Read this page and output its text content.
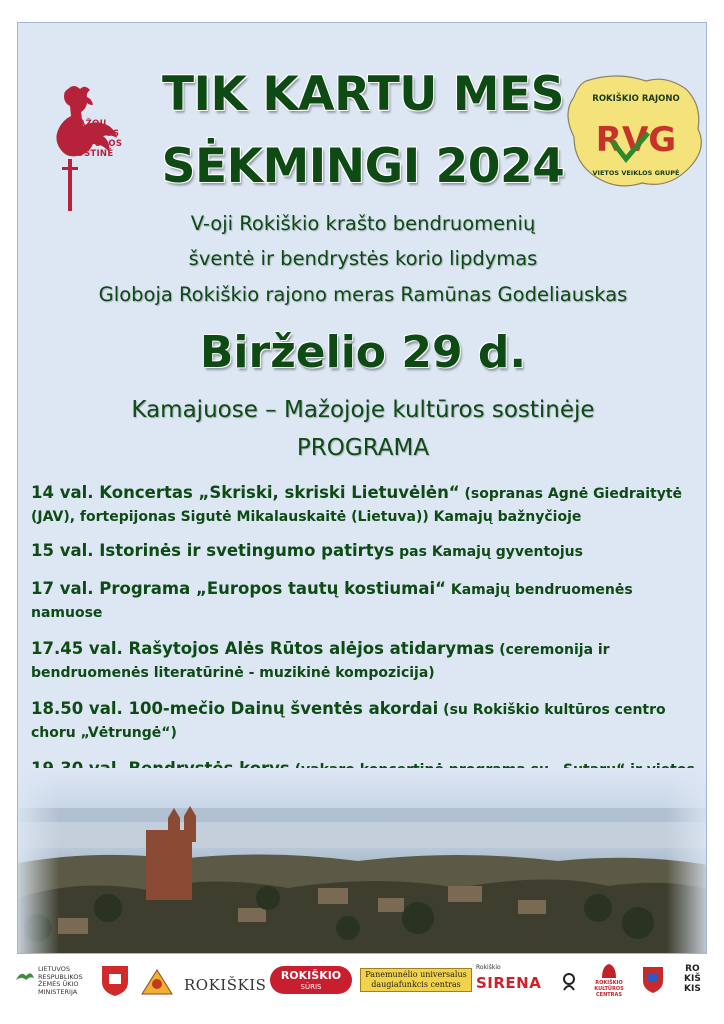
MAŽOJI
LIETUVOS
KULTŪROS
SOSTINĖ
ROKIŠKIO RAJONO
RVG
VIETOS VEIKLOS GRUPĖ
TIK KARTU MES
SĖKMINGI 2024
V-oji Rokiškio krašto bendruomenių
šventė ir bendrystės korio lipdymas
Globoja Rokiškio rajono meras Ramūnas Godeliauskas
Birželio 29 d.
Kamajuose – Mažojoje kultūros sostinėje
PROGRAMA
14 val. Koncertas „Skriski, skriski Lietuvėlėn“ (sopranas Agnė Giedraitytė (JAV), fortepijonas Sigutė Mikalauskaitė (Lietuva)) Kamajų bažnyčioje
15 val. Istorinės ir svetingumo patirtys pas Kamajų gyventojus
17 val. Programa „Europos tautų kostiumai“ Kamajų bendruomenės namuose
17.45 val. Rašytojos Alės Rūtos alėjos atidarymas (ceremonija ir bendruomenės literatūrinė - muzikinė kompozicija)
18.50 val. 100-mečio Dainų šventės akordai (su Rokiškio kultūros centro choru „Vėtrungė“)
LIETUVOS
RESPUBLIKOS
ŽEMĖS ŪKIO
MINISTERIJA	ROKIŠKIS
ROKIŠKIO
SŪRIS
Panemunėlio universalus
daugiafunkcis centras
Rokiškio
SIRENA	ROKIŠKIO
KULTŪROS
CENTRAS
RO
KIŠ
KIS
